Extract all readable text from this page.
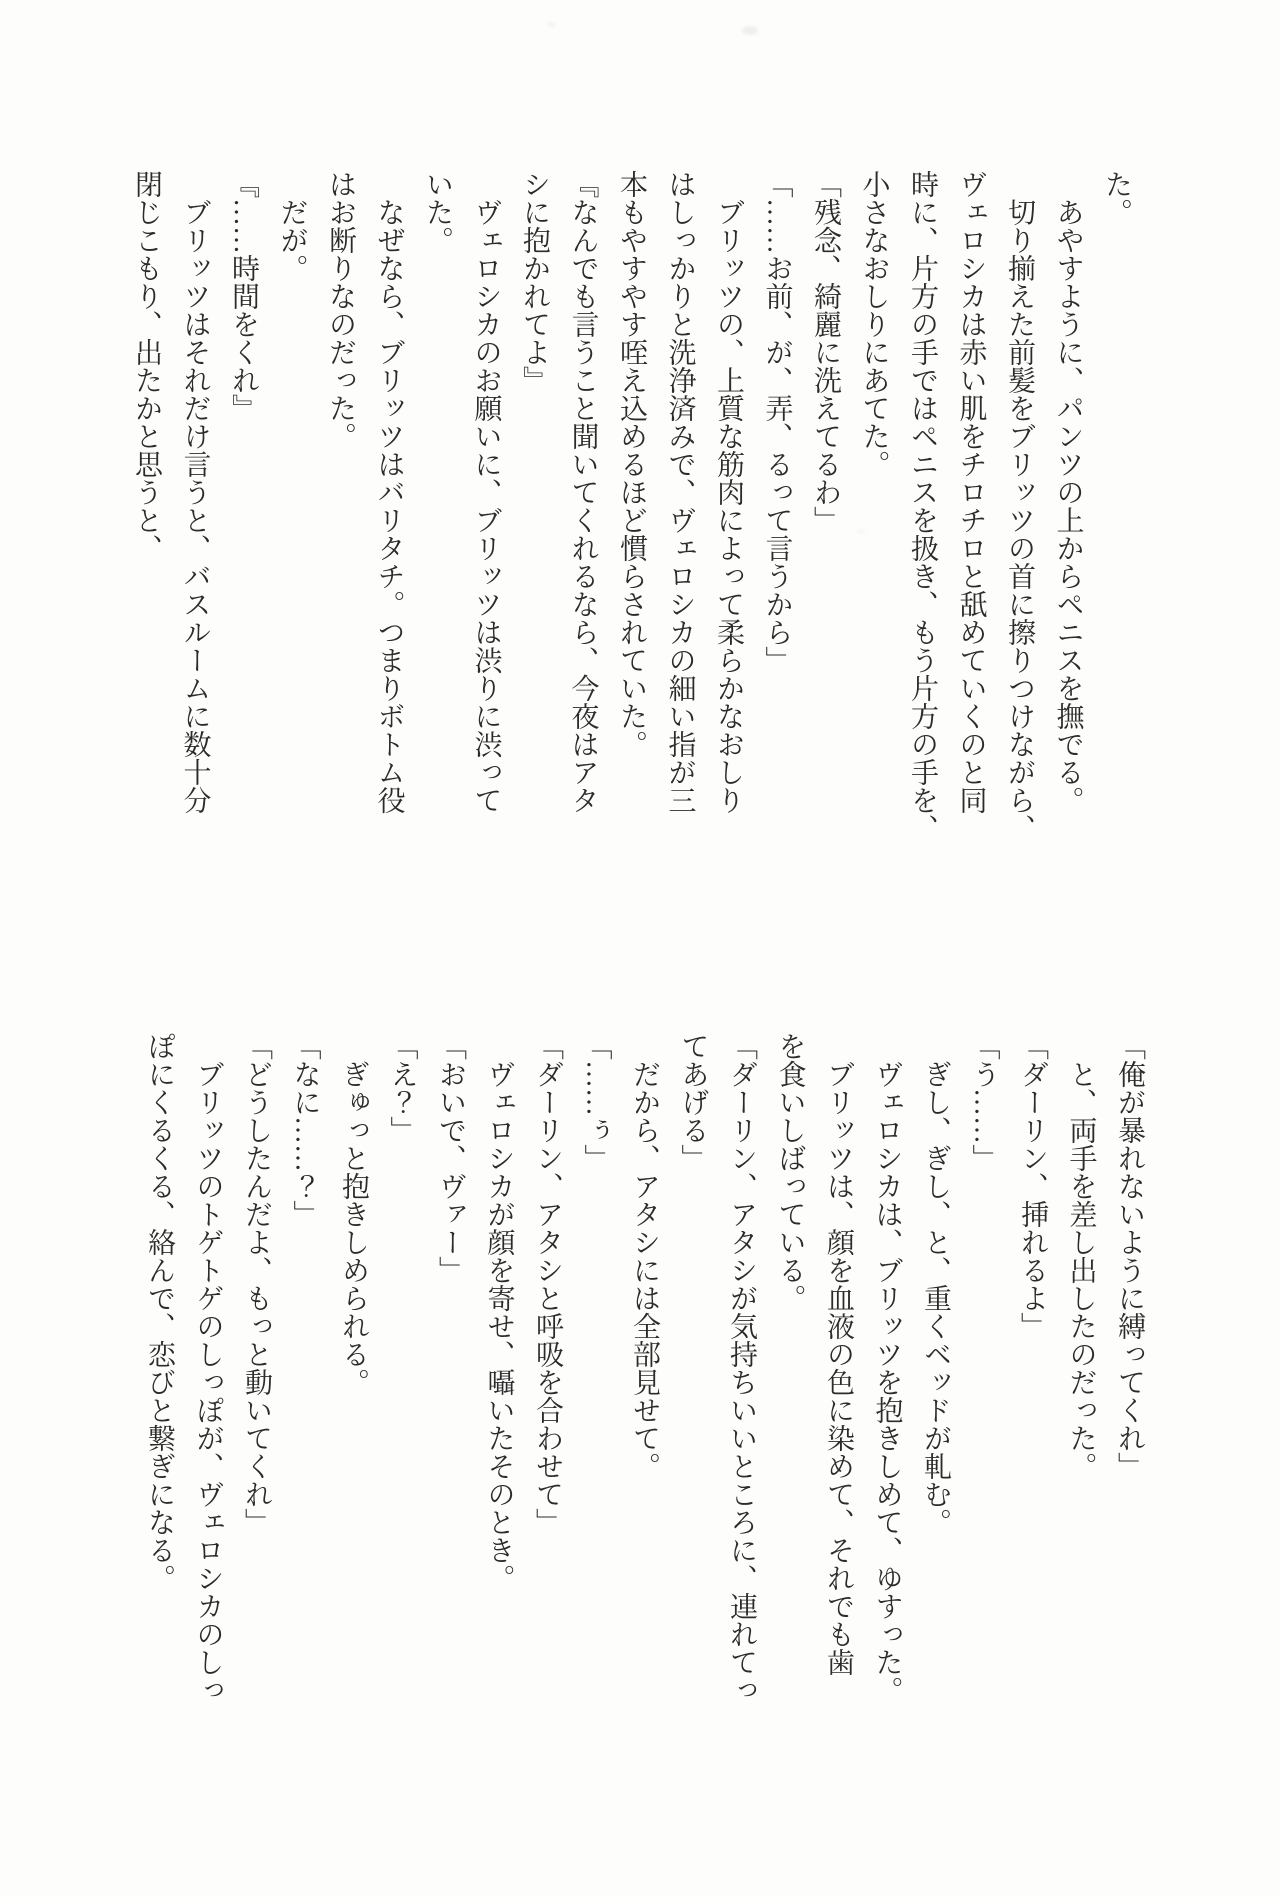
た。

あやすように、パンツの上からペニスを撫でる。

切り揃えた前髪をブリッツの首に擦りつけながら、

ヴェロシカは赤い肌をチロチロと舐めていくのと同

時に、片方の手ではペニスを扱き、もう片方の手を、

小さなおしりにあてた。

「残念、綺麗に洗えてるわ」

「……お前、が、弄、るって言うから」

ブリッツの、上質な筋肉によって柔らかなおしり

はしっかりと洗浄済みで、ヴェロシカの細い指が三

本もやすやす咥え込めるほど慣らされていた。

『なんでも言うこと聞いてくれるなら、今夜はアタ

シに抱かれてよ』

ヴェロシカのお願いに、ブリッツは渋りに渋って

いた。

なぜなら、ブリッツはバリタチ。つまりボトム役

はお断りなのだった。

だが。

『……時間をくれ』

ブリッツはそれだけ言うと、バスルームに数十分

閉じこもり、出たかと思うと、

「俺が暴れないように縛ってくれ」

と、両手を差し出したのだった。

「ダーリン、挿れるよ」

「う……」

ぎし、ぎし、と、重くベッドが軋む。

ヴェロシカは、ブリッツを抱きしめて、ゆすった。

ブリッツは、顔を血液の色に染めて、それでも歯

を食いしばっている。

「ダーリン、アタシが気持ちいいところに、連れてっ

てあげる」

だから、アタシには全部見せて。

「……ぅ」

「ダーリン、アタシと呼吸を合わせて」

ヴェロシカが顔を寄せ、囁いたそのとき。

「おいで、ヴァー」

「え？」

ぎゅっと抱きしめられる。

「なに……？」

「どうしたんだよ、もっと動いてくれ」

ブリッツのトゲトゲのしっぽが、ヴェロシカのしっ

ぽにくるくる、絡んで、恋びと繋ぎになる。
